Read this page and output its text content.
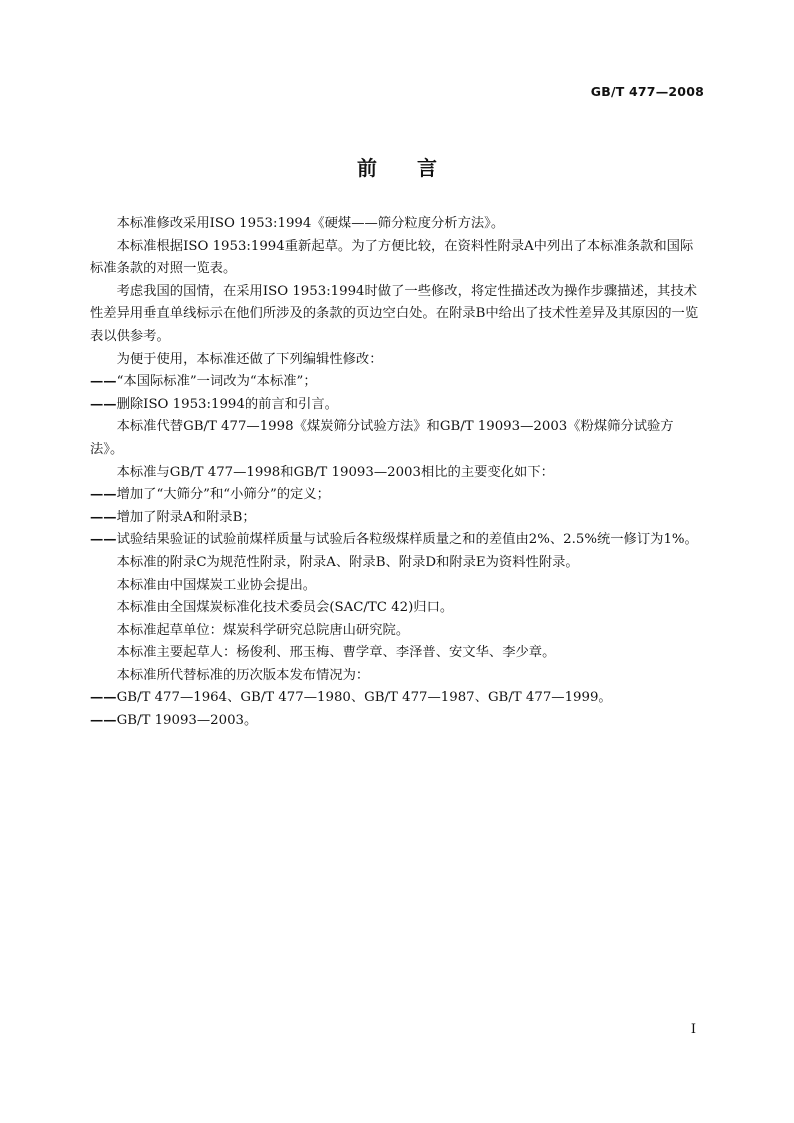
GB/T 477—2008
前言

本标准修改采用ISO 1953:1994《硬煤——筛分粒度分析方法》。

本标准根据ISO 1953:1994重新起草。为了方便比较，在资料性附录A中列出了本标准条款和国际标准条款的对照一览表。

考虑我国的国情，在采用ISO 1953:1994时做了一些修改，将定性描述改为操作步骤描述，其技术性差异用垂直单线标示在他们所涉及的条款的页边空白处。在附录B中给出了技术性差异及其原因的一览表以供参考。

为便于使用，本标准还做了下列编辑性修改：

——“本国际标准”一词改为“本标准”；

——删除ISO 1953:1994的前言和引言。

本标准代替GB/T 477—1998《煤炭筛分试验方法》和GB/T 19093—2003《粉煤筛分试验方法》。

本标准与GB/T 477—1998和GB/T 19093—2003相比的主要变化如下：

——增加了“大筛分”和“小筛分”的定义；

——增加了附录A和附录B；

——试验结果验证的试验前煤样质量与试验后各粒级煤样质量之和的差值由2%、2.5%统一修订为1%。

本标准的附录C为规范性附录，附录A、附录B、附录D和附录E为资料性附录。

本标准由中国煤炭工业协会提出。

本标准由全国煤炭标准化技术委员会(SAC/TC 42)归口。

本标准起草单位：煤炭科学研究总院唐山研究院。

本标准主要起草人：杨俊利、邢玉梅、曹学章、李泽普、安文华、李少章。

本标准所代替标准的历次版本发布情况为：

——GB/T 477—1964、GB/T 477—1980、GB/T 477—1987、GB/T 477—1999。

——GB/T 19093—2003。

I
